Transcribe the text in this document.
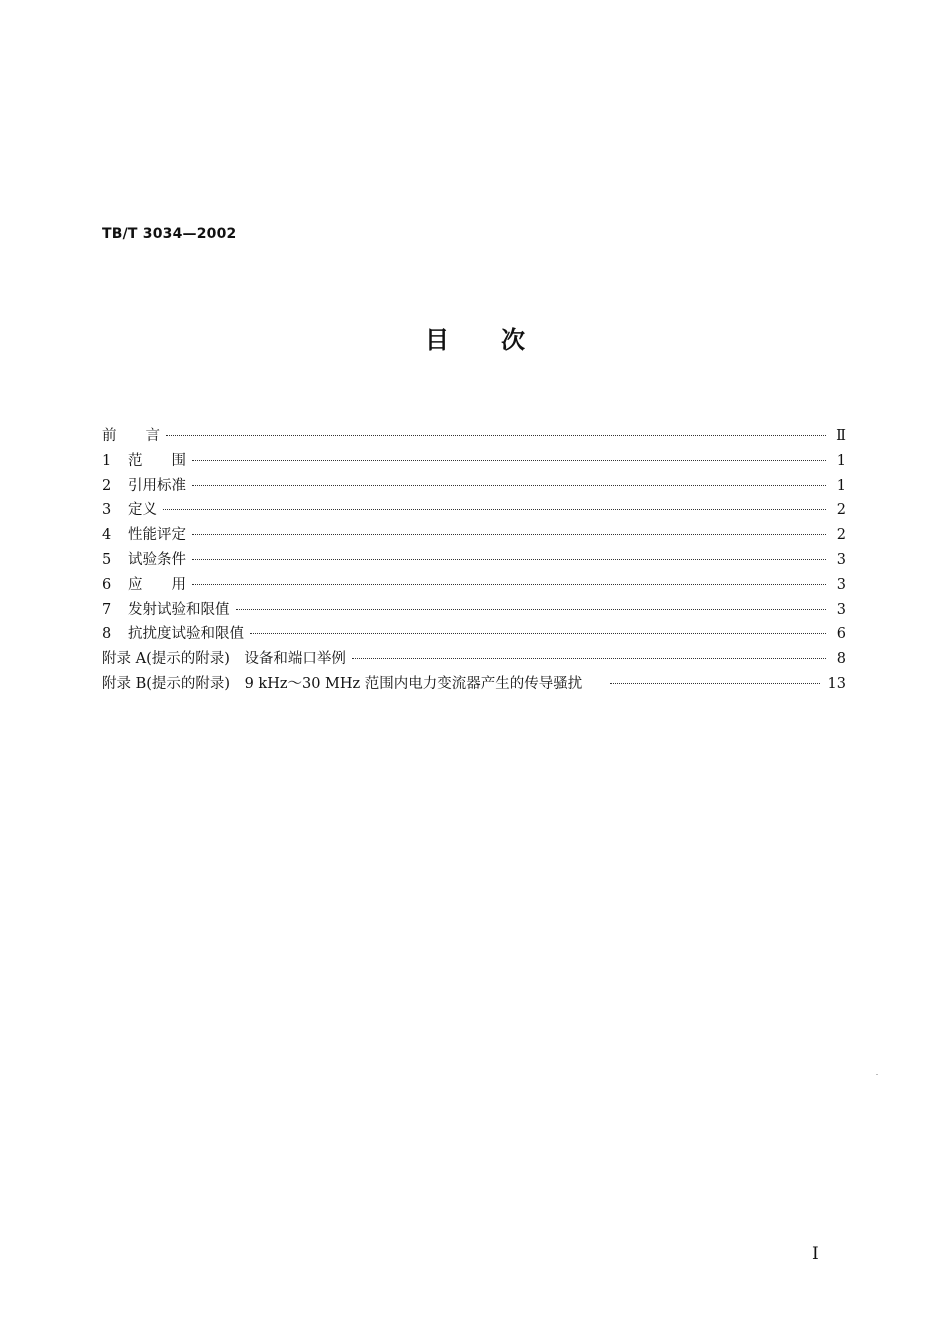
TB/T 3034—2002
目 次
前　　言	Ⅱ
1 范　　围	1
2 引用标准	1
3 定义	2
4 性能评定	2
5 试验条件	3
6 应　　用	3
7 发射试验和限值	3
8 抗扰度试验和限值	6
附录 A(提示的附录)　设备和端口举例	8
附录 B(提示的附录)　9 kHz～30 MHz 范围内电力变流器产生的传导骚扰	13
I
